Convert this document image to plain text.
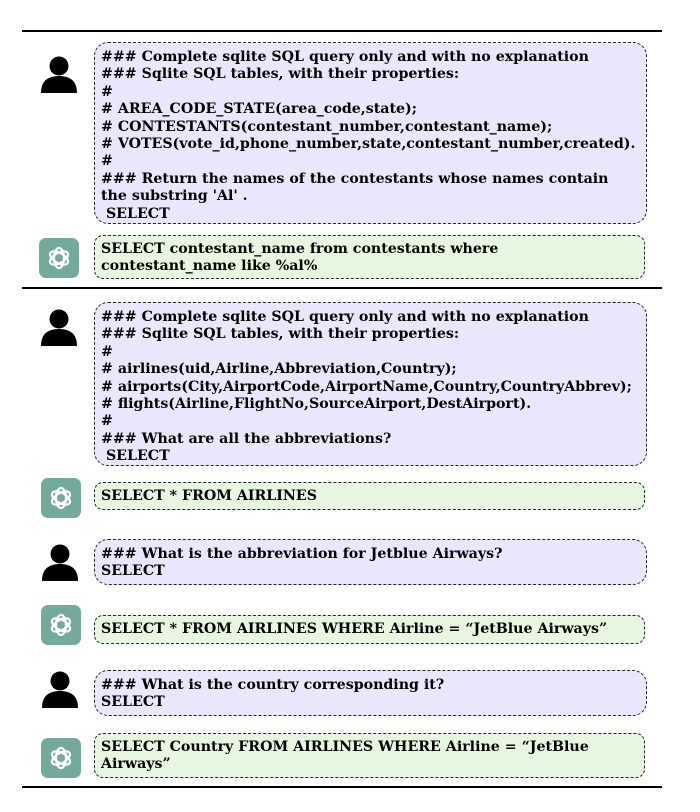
### Complete sqlite SQL query only and with no explanation
### Sqlite SQL tables, with their properties:
#
# AREA_CODE_STATE(area_code,state);
# CONTESTANTS(contestant_number,contestant_name);
# VOTES(vote_id,phone_number,state,contestant_number,created).
#
### Return the names of the contestants whose names contain the substring 'Al' .
SELECT
SELECT contestant_name from contestants where contestant_name like %al%
### Complete sqlite SQL query only and with no explanation
### Sqlite SQL tables, with their properties:
#
# airlines(uid,Airline,Abbreviation,Country);
# airports(City,AirportCode,AirportName,Country,CountryAbbrev);
# flights(Airline,FlightNo,SourceAirport,DestAirport).
#
### What are all the abbreviations?
SELECT
SELECT * FROM AIRLINES
### What is the abbreviation for Jetblue Airways?
SELECT
SELECT * FROM AIRLINES WHERE Airline = “JetBlue Airways”
### What is the country corresponding it?
SELECT
SELECT Country FROM AIRLINES WHERE Airline = “JetBlue Airways”
